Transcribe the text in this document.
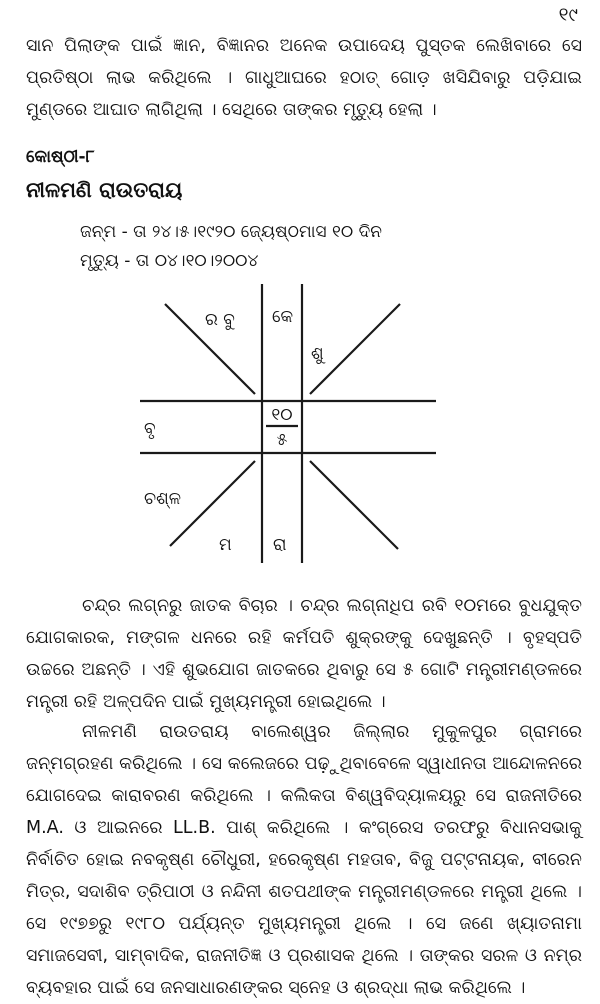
୧୯

ସାନ ପିଲାଙ୍କ ପାଇଁ ଜ୍ଞାନ, ବିଜ୍ଞାନର ଅନେକ ଉପାଦେୟ ପୁସ୍ତକ ଲେଖିବାରେ ସେ ପ୍ରତିଷ୍ଠା ଲାଭ କରିଥିଲେ । ଗାଧୁଆଘରେ ହଠାତ୍ ଗୋଡ଼ ଖସିଯିବାରୁ ପଡ଼ିଯାଇ ମୁଣ୍ଡରେ ଆଘାତ ଲାଗିଥିଲା । ସେଥିରେ ତାଙ୍କର ମୃତ୍ୟୁ ହେଲା ।

କୋଷ୍ଠୀ-୮
ନୀଳମଣି ରାଉତରାୟ
ଜନ୍ମ - ତା ୨୪।୫।୧୯୨୦ ଜ୍ୟେଷ୍ଠମାସ ୧୦ ଦିନ
ମୃତ୍ୟୁ - ତା ୦୪।୧୦।୨୦୦୪
ର ବୁ କେ
ଶୁ
୧୦
୫
ବୃ
ଚଶ୍ଳ
ମ ରା

ଚନ୍ଦ୍ର ଲଗ୍ନରୁ ଜାତକ ବିଚାର । ଚନ୍ଦ୍ର ଲଗ୍ନାଧିପ ରବି ୧୦ମରେ ବୁଧଯୁକ୍ତ ଯୋଗକାରକ, ମଙ୍ଗଳ ଧନରେ ରହି କର୍ମପତି ଶୁକ୍ରଙ୍କୁ ଦେଖୁଛନ୍ତି । ବୃହସ୍ପତି ଉଚ୍ଚରେ ଅଛନ୍ତି । ଏହି ଶୁଭଯୋଗ ଜାତକରେ ଥିବାରୁ ସେ ୫ ଗୋଟି ମନ୍ତ୍ରୀମଣ୍ଡଳରେ ମନ୍ତ୍ରୀ ରହି ଅଳ୍ପଦିନ ପାଇଁ ମୁଖ୍ୟମନ୍ତ୍ରୀ ହୋଇଥିଲେ ।

ନୀଳମଣି ରାଉତରାୟ ବାଲେଶ୍ୱର ଜିଲ୍ଲାର ମୁକୁଳପୁର ଗ୍ରାମରେ ଜନ୍ମଗ୍ରହଣ କରିଥିଲେ । ସେ କଲେଜରେ ପଢ଼ୁଥିବାବେଳେ ସ୍ୱାଧୀନତା ଆନ୍ଦୋଳନରେ ଯୋଗଦେଇ କାରାବରଣ କରିଥିଲେ । କଲିକତା ବିଶ୍ୱବିଦ୍ୟାଳୟରୁ ସେ ରାଜନୀତିରେ M.A. ଓ ଆଇନରେ LL.B. ପାଶ୍ କରିଥିଲେ । କଂଗ୍ରେସ ତରଫରୁ ବିଧାନସଭାକୁ ନିର୍ବାଚିତ ହୋଇ ନବକୃଷ୍ଣ ଚୌଧୁରୀ, ହରେକୃଷ୍ଣ ମହତାବ, ବିଜୁ ପଟ୍ଟନାୟକ, ବୀରେନ ମିତ୍ର, ସଦାଶିବ ତ୍ରିପାଠୀ ଓ ନନ୍ଦିନୀ ଶତପଥୀଙ୍କ ମନ୍ତ୍ରୀମଣ୍ଡଳରେ ମନ୍ତ୍ରୀ ଥିଲେ । ସେ ୧୯୭୭ରୁ ୧୯୮୦ ପର୍ଯ୍ୟନ୍ତ ମୁଖ୍ୟମନ୍ତ୍ରୀ ଥିଲେ । ସେ ଜଣେ ଖ୍ୟାତନାମା ସମାଜସେବୀ, ସାମ୍ବାଦିକ, ରାଜନୀତିଜ୍ଞ ଓ ପ୍ରଶାସକ ଥିଲେ । ତାଙ୍କର ସରଳ ଓ ନମ୍ର ବ୍ୟବହାର ପାଇଁ ସେ ଜନସାଧାରଣଙ୍କର ସ୍ନେହ ଓ ଶ୍ରଦ୍ଧା ଲାଭ କରିଥିଲେ ।
